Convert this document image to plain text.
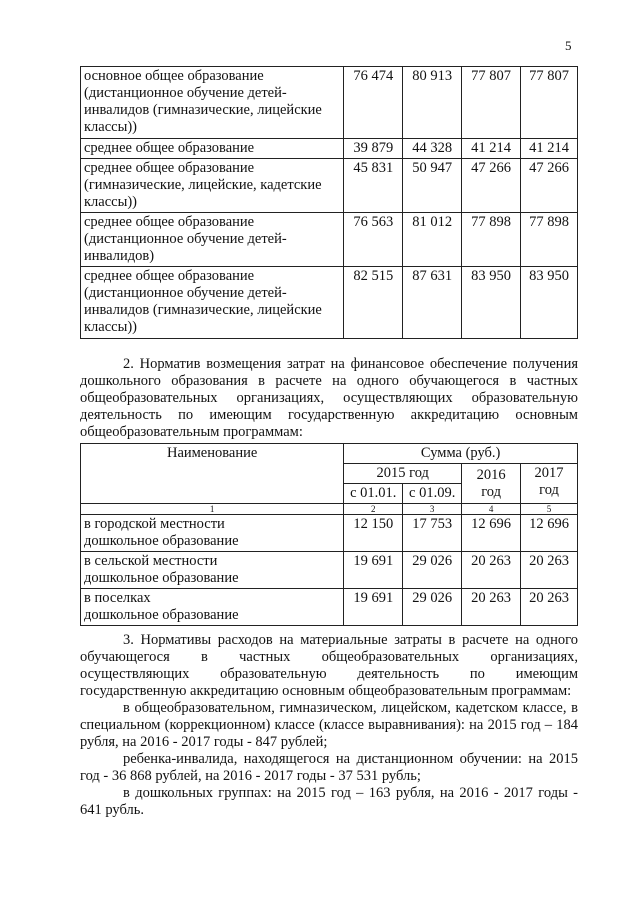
5
основное общее образование (дистанционное обучение детей-инвалидов (гимназические, лицейские классы))	76 474	80 913	77 807	77 807
среднее общее образование	39 879	44 328	41 214	41 214
среднее общее образование (гимназические, лицейские, кадетские классы))	45 831	50 947	47 266	47 266
среднее общее образование (дистанционное обучение детей-инвалидов)	76 563	81 012	77 898	77 898
среднее общее образование (дистанционное обучение детей-инвалидов (гимназические, лицейские классы))	82 515	87 631	83 950	83 950
2. Норматив возмещения затрат на финансовое обеспечение получения дошкольного образования в расчете на одного обучающегося в частных общеобразовательных организациях, осуществляющих образовательную деятельность по имеющим государственную аккредитацию основным общеобразовательным программам:
Наименование	Сумма (руб.)			
	2015 год		2016 год	2017 год
	с 01.01.	с 01.09.		
1	2	3	4	5

в городской местности
дошкольное образование	12 150	17 753	12 696	12 696

в сельской местности
дошкольное образование	19 691	29 026	20 263	20 263

в поселках
дошкольное образование	19 691	29 026	20 263	20 263
3. Нормативы расходов на материальные затраты в расчете на одного обучающегося в частных общеобразовательных организациях, осуществляющих образовательную деятельность по имеющим государственную аккредитацию основным общеобразовательным программам:
в общеобразовательном, гимназическом, лицейском, кадетском классе, в специальном (коррекционном) классе (классе выравнивания): на 2015 год – 184 рубля, на 2016 - 2017 годы - 847 рублей;
ребенка-инвалида, находящегося на дистанционном обучении: на 2015 год - 36 868 рублей, на 2016 - 2017 годы - 37 531 рубль;
в дошкольных группах: на 2015 год – 163 рубля, на 2016 - 2017 годы - 641 рубль.
